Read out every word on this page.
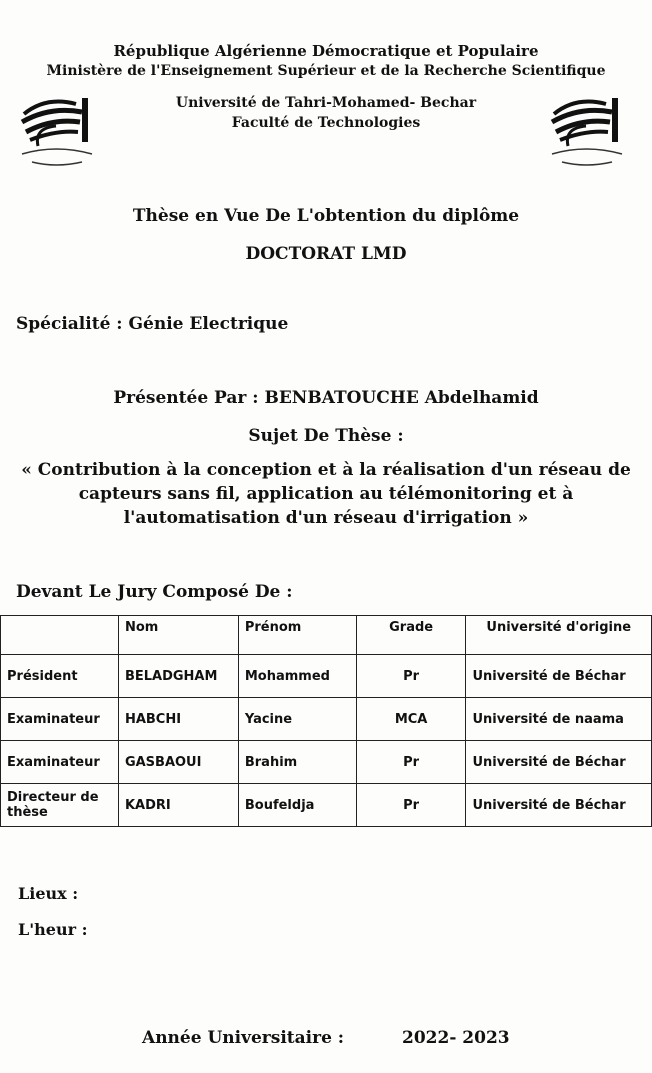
République Algérienne Démocratique et Populaire
Ministère de l'Enseignement Supérieur et de la Recherche Scientifique
Université de Tahri-Mohamed- Bechar
Faculté de Technologies
Thèse en Vue De L'obtention du diplôme
DOCTORAT LMD
Spécialité : Génie Electrique
Présentée Par : BENBATOUCHE Abdelhamid
Sujet De Thèse :
« Contribution à la conception et à la réalisation d'un réseau de capteurs sans fil, application au télémonitoring et à l'automatisation d'un réseau d'irrigation »
Devant Le Jury Composé De :
	Nom	Prénom	Grade	Université d'origine
Président	BELADGHAM	Mohammed	Pr	Université de Béchar
Examinateur	HABCHI	Yacine	MCA	Université de naama
Examinateur	GASBAOUI	Brahim	Pr	Université de Béchar
Directeur de thèse	KADRI	Boufeldja	Pr	Université de Béchar
Lieux :
L'heur :
Année Universitaire :	2022- 2023
